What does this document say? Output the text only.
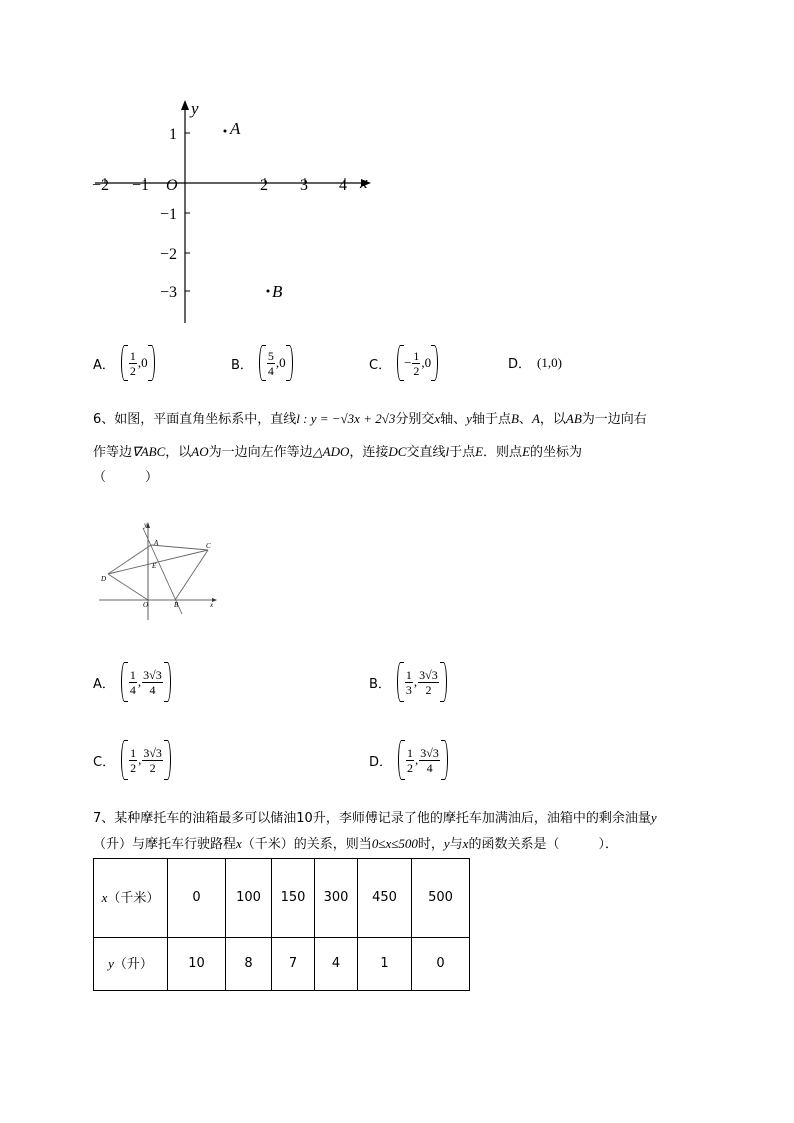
y
x
O
−2 −1	2 3 4
1
−1
−2
−3
A
B
A． $\frac{1}{2} ,0$	B． $\frac{5}{4} ,0$	C． − $\frac{1}{2} ,0$	D． (1,0)
6、如图，平面直角坐标系中，直线l : y = −√3x + 2√3分别交x轴、y轴于点B、A，以AB为一边向右
作等边∇ABC，以AO为一边向左作等边△ADO，连接DC交直线l于点E．则点E的坐标为
（　　　）
y
x
A	C
E
D
O	B
A． $\frac{1}{4}$ , $\frac{3√3}{4}$	B． $\frac{1}{3}$ , $\frac{3√3}{2}$
C． $\frac{1}{2}$ , $\frac{3√3}{2}$	D． $\frac{1}{2}$ , $\frac{3√3}{4}$
7、某种摩托车的油箱最多可以储油10升，李师傅记录了他的摩托车加满油后，油箱中的剩余油量y
（升）与摩托车行驶路程x（千米）的关系，则当0≤x≤500时，y与x的函数关系是（　　　）．
x（千米）	0	100	150	300	450	500
y（升）	10	8	7	4	1	0
